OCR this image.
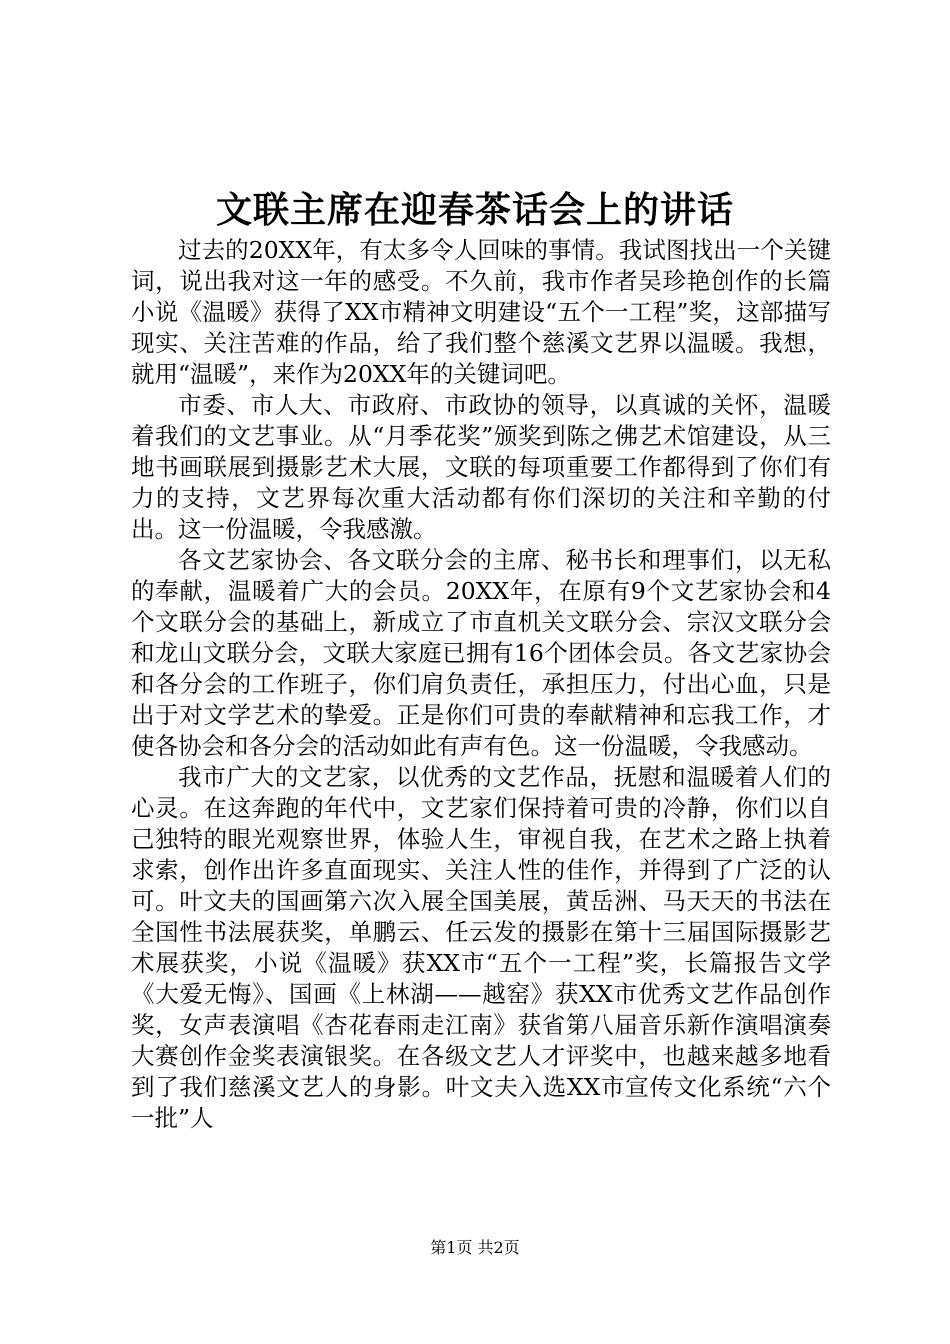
文联主席在迎春茶话会上的讲话

过去的20XX年，有太多令人回味的事情。我试图找出一个关键词，说出我对这一年的感受。不久前，我市作者吴珍艳创作的长篇小说《温暖》获得了XX市精神文明建设“五个一工程”奖，这部描写现实、关注苦难的作品，给了我们整个慈溪文艺界以温暖。我想，就用“温暖”，来作为20XX年的关键词吧。

市委、市人大、市政府、市政协的领导，以真诚的关怀，温暖着我们的文艺事业。从“月季花奖”颁奖到陈之佛艺术馆建设，从三地书画联展到摄影艺术大展，文联的每项重要工作都得到了你们有力的支持，文艺界每次重大活动都有你们深切的关注和辛勤的付出。这一份温暖，令我感激。

各文艺家协会、各文联分会的主席、秘书长和理事们，以无私的奉献，温暖着广大的会员。20XX年，在原有9个文艺家协会和4个文联分会的基础上，新成立了市直机关文联分会、宗汉文联分会和龙山文联分会，文联大家庭已拥有16个团体会员。各文艺家协会和各分会的工作班子，你们肩负责任，承担压力，付出心血，只是出于对文学艺术的挚爱。正是你们可贵的奉献精神和忘我工作，才使各协会和各分会的活动如此有声有色。这一份温暖，令我感动。

我市广大的文艺家，以优秀的文艺作品，抚慰和温暖着人们的心灵。在这奔跑的年代中，文艺家们保持着可贵的冷静，你们以自己独特的眼光观察世界，体验人生，审视自我，在艺术之路上执着求索，创作出许多直面现实、关注人性的佳作，并得到了广泛的认可。叶文夫的国画第六次入展全国美展，黄岳洲、马天天的书法在全国性书法展获奖，单鹏云、任云发的摄影在第十三届国际摄影艺术展获奖，小说《温暖》获XX市“五个一工程”奖，长篇报告文学《大爱无悔》、国画《上林湖——越窑》获XX市优秀文艺作品创作奖，女声表演唱《杏花春雨走江南》获省第八届音乐新作演唱演奏大赛创作金奖表演银奖。在各级文艺人才评奖中，也越来越多地看到了我们慈溪文艺人的身影。叶文夫入选XX市宣传文化系统“六个一批”人

第1页 共2页
